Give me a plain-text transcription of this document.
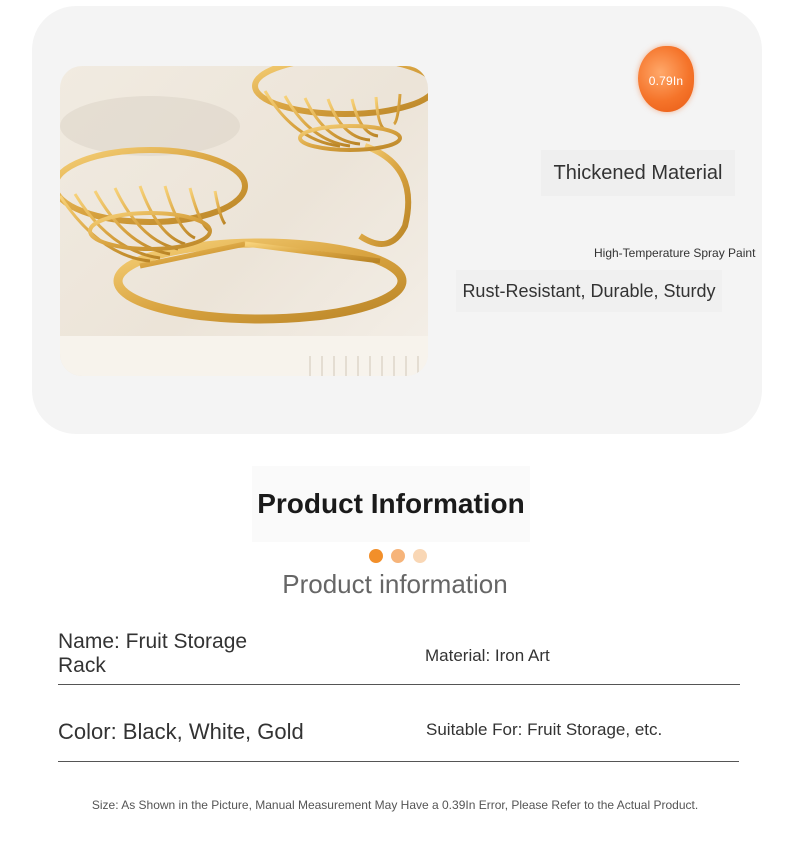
0.79In
Thickened Material
High-Temperature Spray Paint
Rust-Resistant, Durable, Sturdy
Product Information
Product information
Name: Fruit Storage Rack	Material: Iron Art
Color: Black, White, Gold	Suitable For: Fruit Storage, etc.
Size: As Shown in the Picture, Manual Measurement May Have a 0.39In Error, Please Refer to the Actual Product.
